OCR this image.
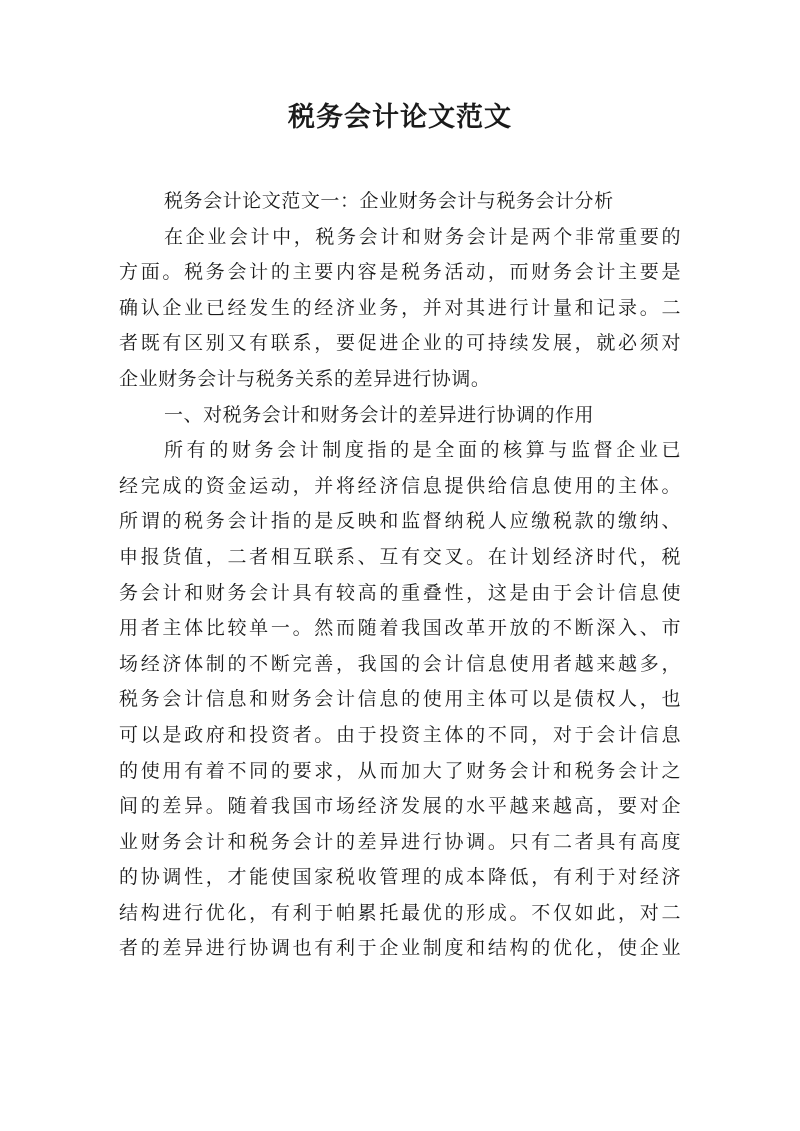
税务会计论文范文
税务会计论文范文一：企业财务会计与税务会计分析
在企业会计中，税务会计和财务会计是两个非常重要的
方面。税务会计的主要内容是税务活动，而财务会计主要是
确认企业已经发生的经济业务，并对其进行计量和记录。二
者既有区别又有联系，要促进企业的可持续发展，就必须对
企业财务会计与税务关系的差异进行协调。
一、对税务会计和财务会计的差异进行协调的作用
所有的财务会计制度指的是全面的核算与监督企业已
经完成的资金运动，并将经济信息提供给信息使用的主体。
所谓的税务会计指的是反映和监督纳税人应缴税款的缴纳、
申报货值，二者相互联系、互有交叉。在计划经济时代，税
务会计和财务会计具有较高的重叠性，这是由于会计信息使
用者主体比较单一。然而随着我国改革开放的不断深入、市
场经济体制的不断完善，我国的会计信息使用者越来越多，
税务会计信息和财务会计信息的使用主体可以是债权人，也
可以是政府和投资者。由于投资主体的不同，对于会计信息
的使用有着不同的要求，从而加大了财务会计和税务会计之
间的差异。随着我国市场经济发展的水平越来越高，要对企
业财务会计和税务会计的差异进行协调。只有二者具有高度
的协调性，才能使国家税收管理的成本降低，有利于对经济
结构进行优化，有利于帕累托最优的形成。不仅如此，对二
者的差异进行协调也有利于企业制度和结构的优化，使企业
